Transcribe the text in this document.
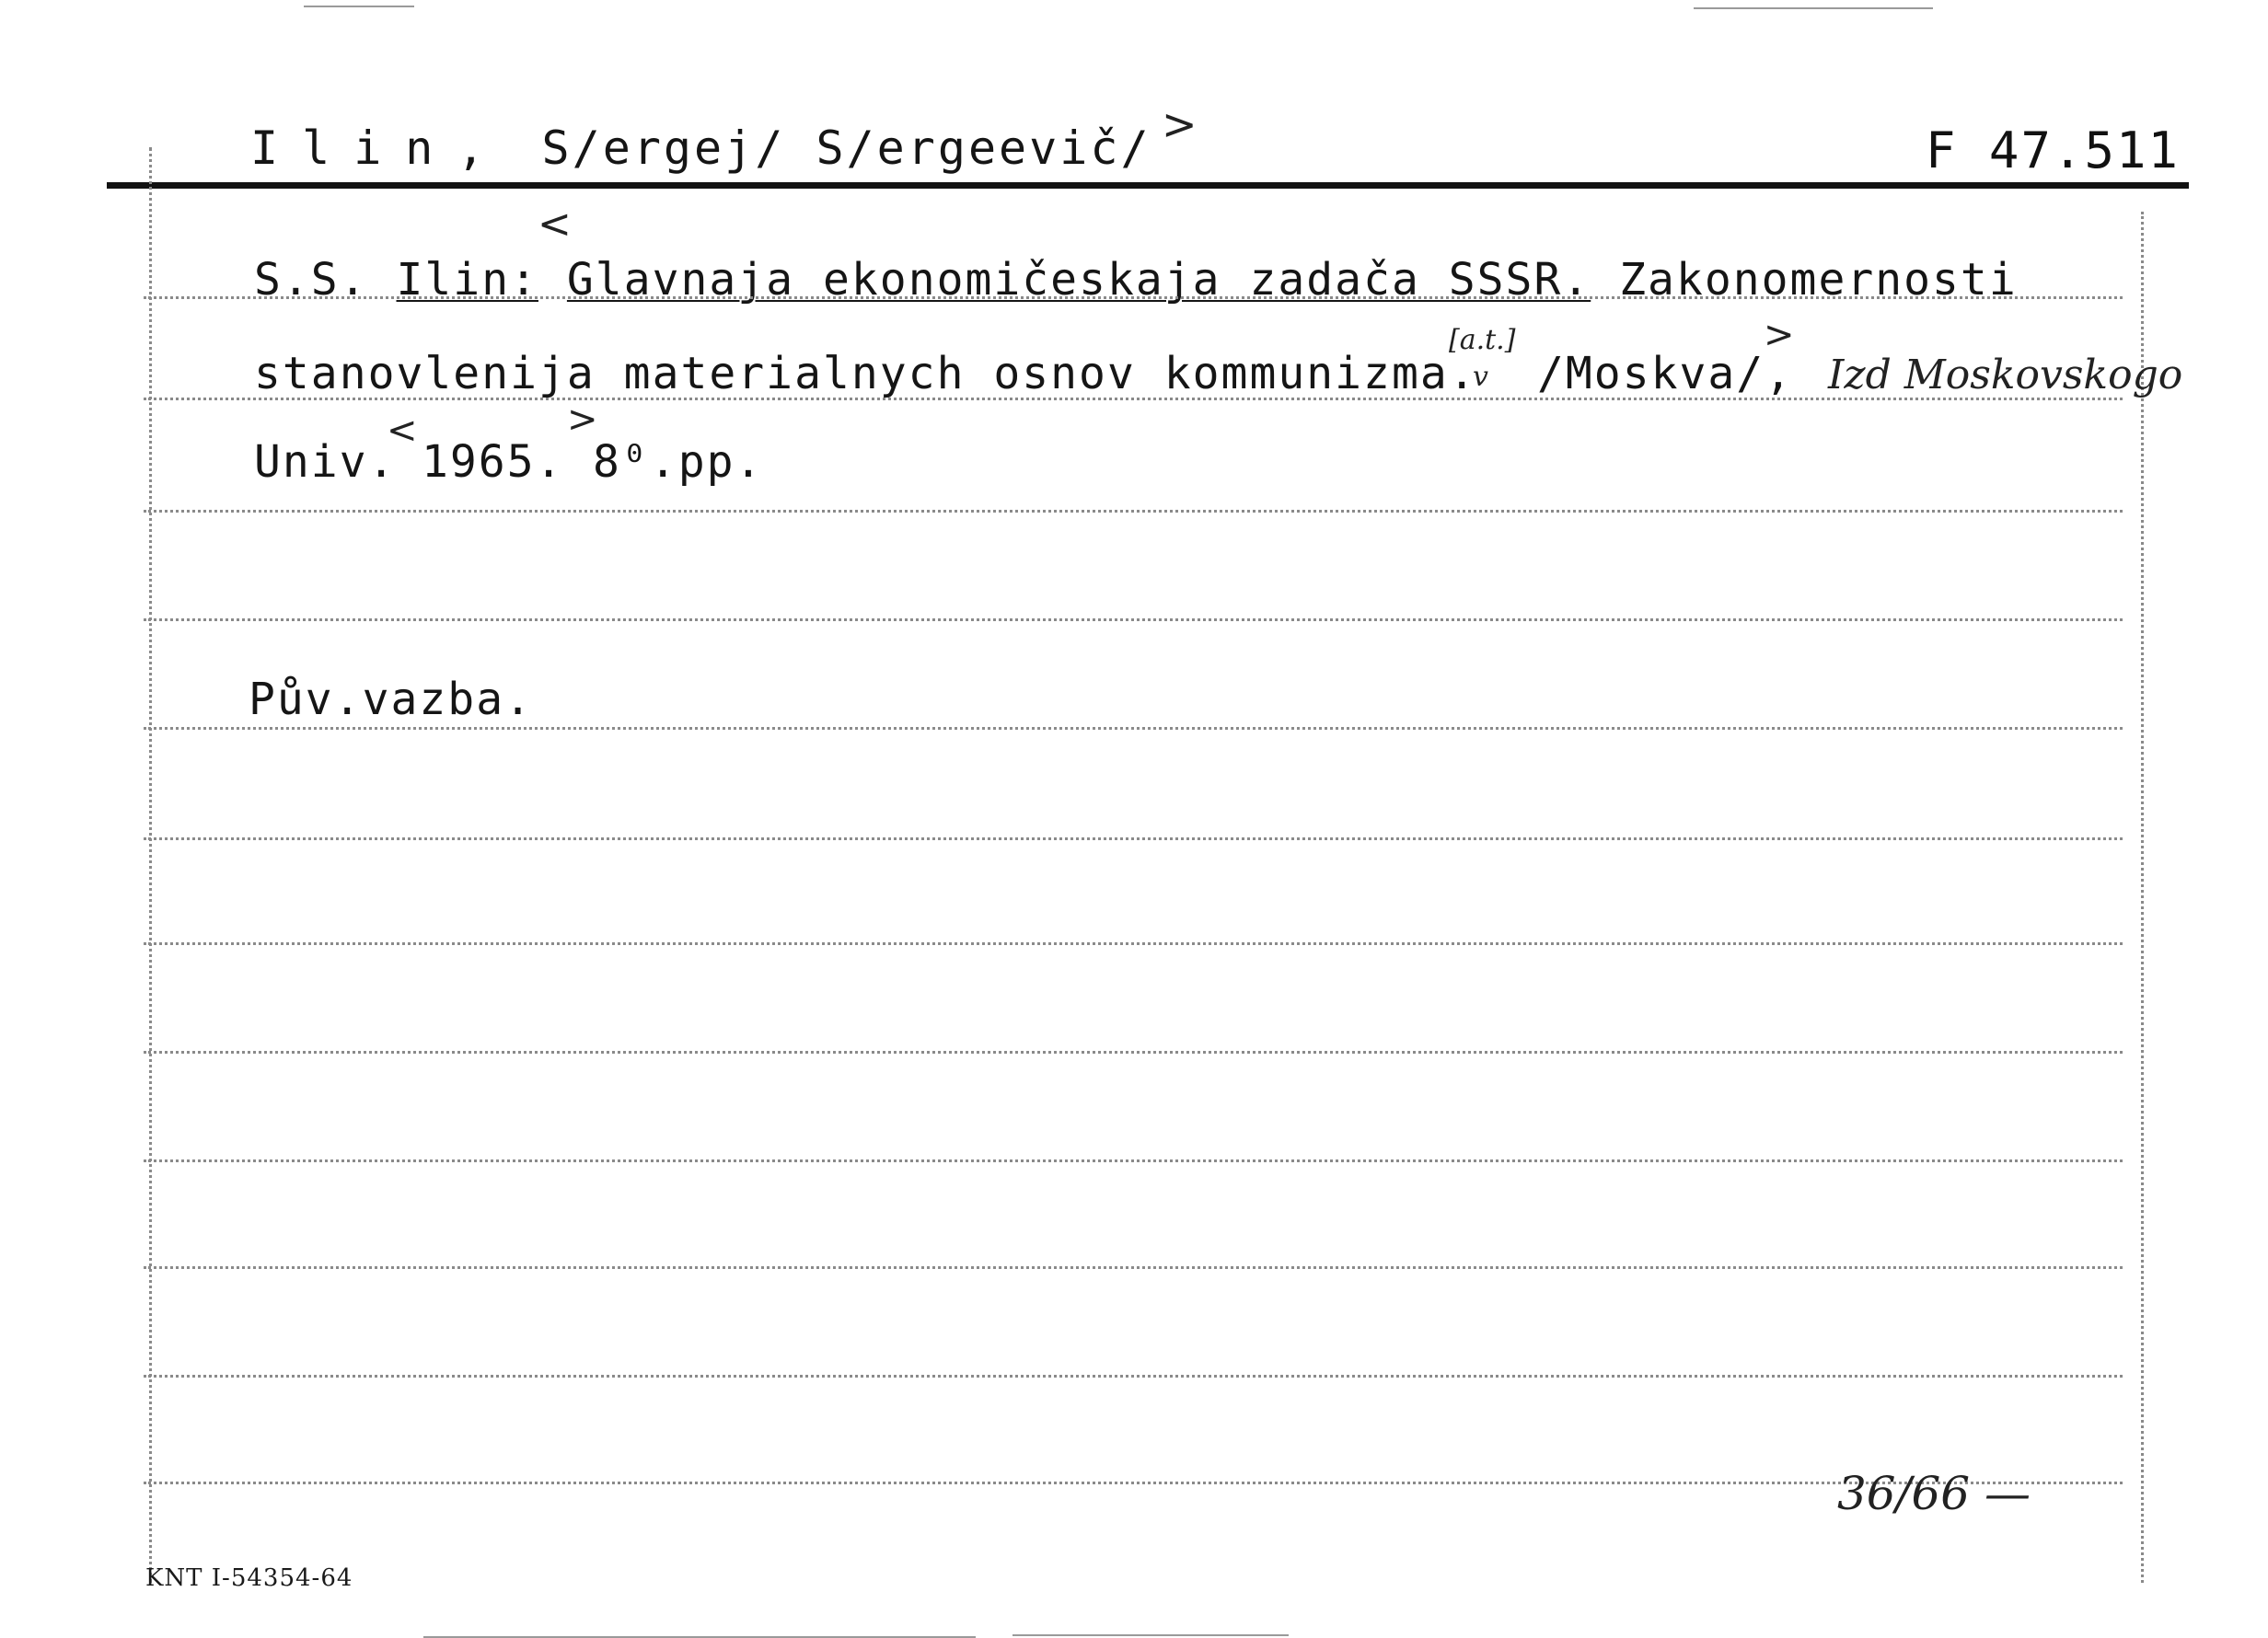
Ilin, S/ergej/ S/ergeevič/ >	F 47.511
<
S.S. Ilin: Glavnaja ekonomičeskaja zadača SSSR. Zakonomernosti
stanovlenija materialnych osnov kommunizma.
[a.t.]
v /Moskva/,
>
Izd Moskovskogo
Univ.
<
1965.
>
8⁰.pp.
Pův.vazba.
36/66 —
KNT I-54354-64
